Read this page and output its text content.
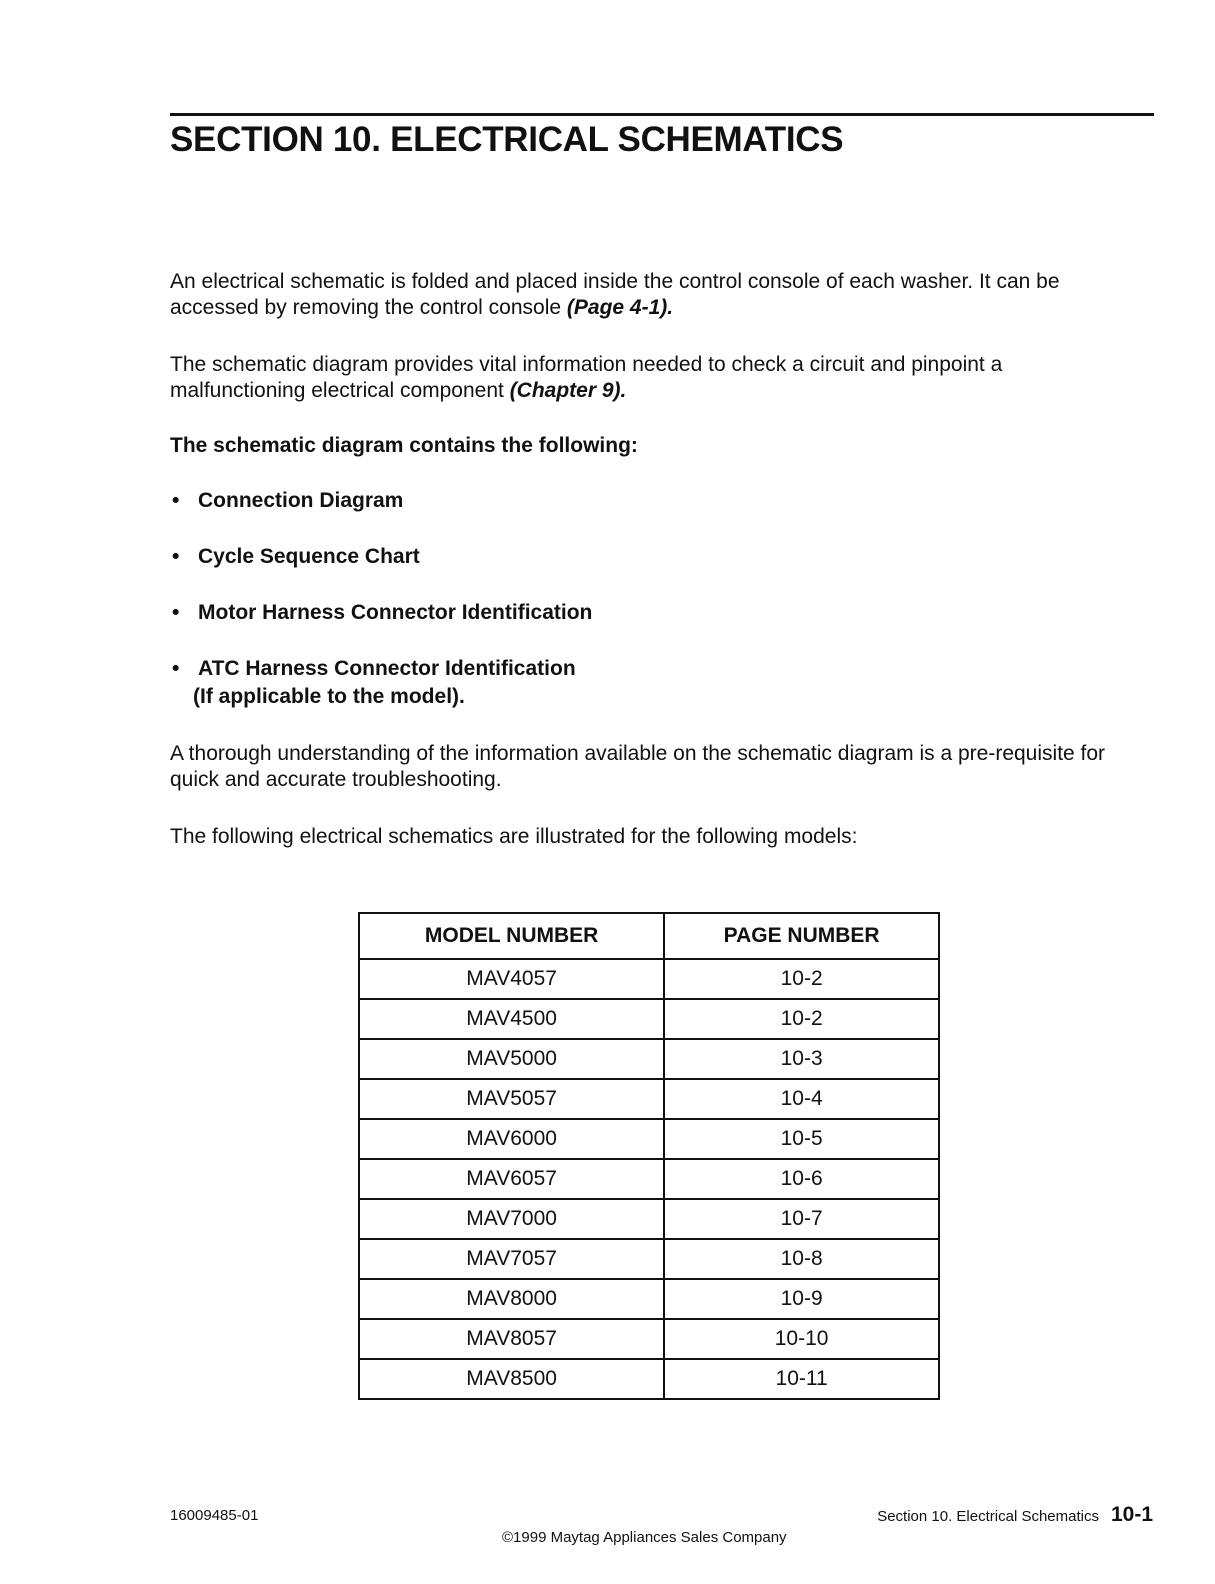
SECTION 10. ELECTRICAL SCHEMATICS

An electrical schematic is folded and placed inside the control console of each washer. It can be accessed by removing the control console (Page 4-1).

The schematic diagram provides vital information needed to check a circuit and pinpoint a malfunctioning electrical component (Chapter 9).

The schematic diagram contains the following:

• Connection Diagram

• Cycle Sequence Chart

• Motor Harness Connector Identification

• ATC Harness Connector Identification
(If applicable to the model).

A thorough understanding of the information available on the schematic diagram is a pre-requisite for quick and accurate troubleshooting.

The following electrical schematics are illustrated for the following models:

MODEL NUMBER	PAGE NUMBER
MAV4057	10-2
MAV4500	10-2
MAV5000	10-3
MAV5057	10-4
MAV6000	10-5
MAV6057	10-6
MAV7000	10-7
MAV7057	10-8
MAV8000	10-9
MAV8057	10-10
MAV8500	10-11

16009485-01	Section 10. Electrical Schematics 10-1

©1999 Maytag Appliances Sales Company
